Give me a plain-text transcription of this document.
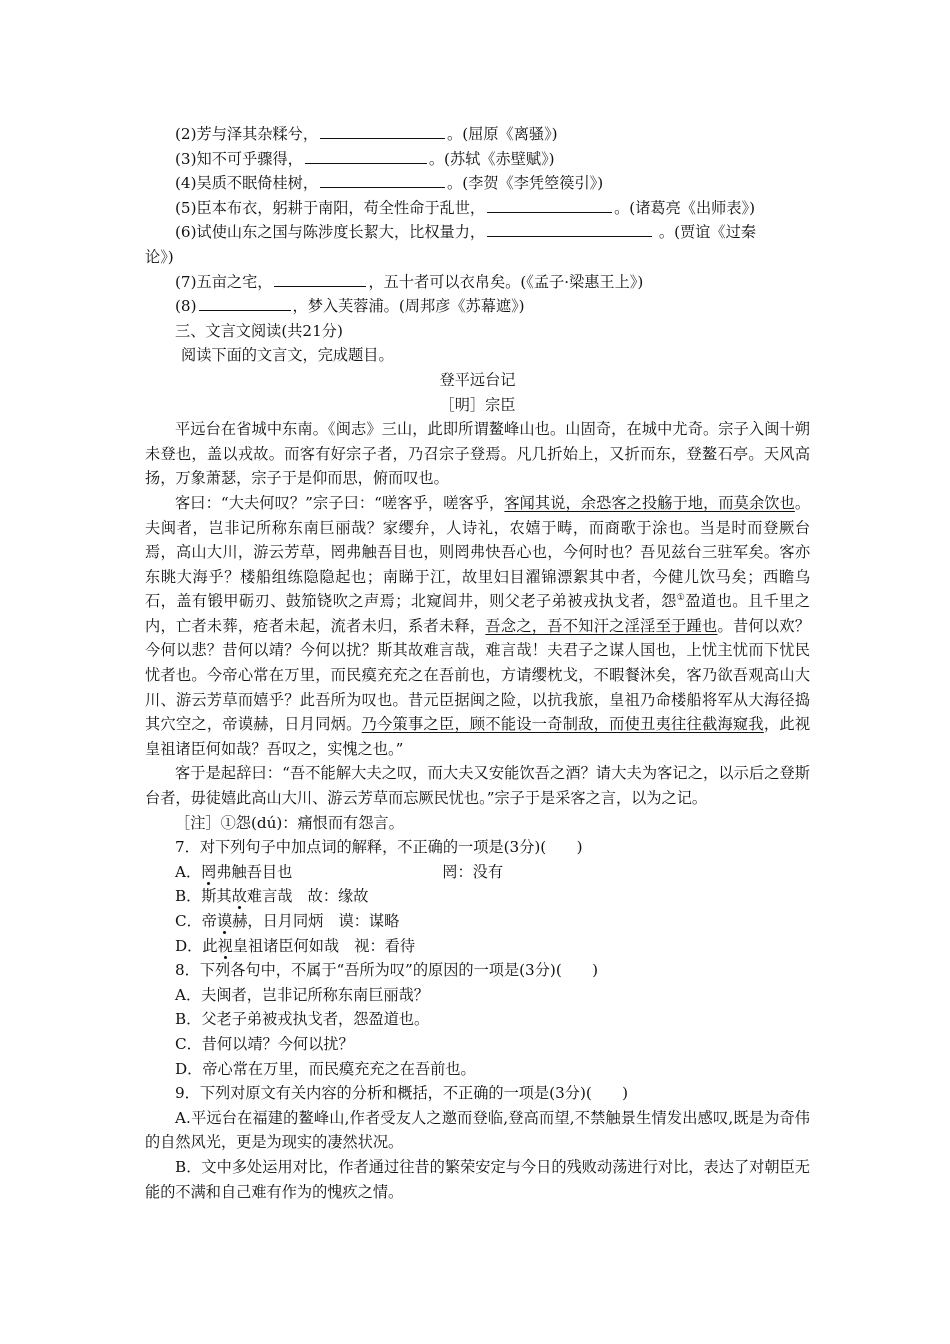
(2)芳与泽其杂糅兮，	。(屈原《离骚》)
(3)知不可乎骤得，	。(苏轼《赤壁赋》)
(4)吴质不眠倚桂树，	。(李贺《李凭箜篌引》)
(5)臣本布衣，躬耕于南阳，苟全性命于乱世，	。(诸葛亮《出师表》)
(6)试使山东之国与陈涉度长絜大，比权量力，	。(贾谊《过秦
论》)
(7)五亩之宅，	，五十者可以衣帛矣。(《孟子·梁惠王上》)
(8)	，梦入芙蓉浦。(周邦彦《苏幕遮》)
三、文言文阅读(共21分)
阅读下面的文言文，完成题目。
登平远台记
［明］宗臣
平远台在省城中东南。《闽志》三山，此即所谓鳌峰山也。山固奇，在城中尤奇。宗子入闽十朔未登也，盖以戎故。而客有好宗子者，乃召宗子登焉。凡几折始上，又折而东，登鳌石亭。天风高扬，万象萧瑟，宗子于是仰而思，俯而叹也。
客曰：“大夫何叹？”宗子曰：“嗟客乎，嗟客乎，客闻其说，余恐客之投觞于地，而莫余饮也。夫闽者，岂非记所称东南巨丽哉？家缨弁，人诗礼，农嬉于畴，而商歌于涂也。当是时而登厥台焉，高山大川，游云芳草，罔弗触吾目也，则罔弗快吾心也，今何时也？吾见兹台三驻军矣。客亦东眺大海乎？楼船组练隐隐起也；南睇于江，故里妇目濯锦漂絮其中者，今健儿饮马矣；西瞻乌石，盖有锻甲砺刃、鼓笳铙吹之声焉；北窥闾井，则父老子弟被戎执戈者，怨①盈道也。且千里之内，亡者未葬，疮者未起，流者未归，系者未释，吾念之，吾不知汗之淫淫至于踵也。昔何以欢？今何以悲？昔何以靖？今何以扰？斯其故难言哉，难言哉！夫君子之谋人国也，上忧主忧而下忧民忧者也。今帝心常在万里，而民瘼充充之在吾前也，方请缨枕戈，不暇餐沐矣，客乃欲吾观高山大川、游云芳草而嬉乎？此吾所为叹也。昔元臣据闽之险，以抗我旅，皇祖乃命楼船将军从大海径捣其穴空之，帝谟赫，日月同炳。乃今策事之臣，顾不能设一奇制敌，而使丑夷往往截海窥我，此视皇祖诸臣何如哉？吾叹之，实愧之也。”
客于是起辞曰：“吾不能解大夫之叹，而大夫又安能饮吾之酒？请大夫为客记之，以示后之登斯台者，毋徒嬉此高山大川、游云芳草而忘厥民忧也。”宗子于是采客之言，以为之记。
［注］①怨(dú)：痛恨而有怨言。
7．对下列句子中加点词的解释，不正确的一项是(3分)(　　)
A．罔弗触吾目也	罔：没有
B．斯其故难言哉　 故：缘故
C．帝谟赫，日月同炳　 谟：谋略
D．此视皇祖诸臣何如哉　 视：看待
8．下列各句中，不属于“吾所为叹”的原因的一项是(3分)(　　)
A．夫闽者，岂非记所称东南巨丽哉？
B．父老子弟被戎执戈者，怨盈道也。
C．昔何以靖？今何以扰？
D．帝心常在万里，而民瘼充充之在吾前也。
9．下列对原文有关内容的分析和概括，不正确的一项是(3分)(　　)
A.平远台在福建的鳌峰山,作者受友人之邀而登临,登高而望,不禁触景生情发出感叹,既是为奇伟的自然风光，更是为现实的凄然状况。
B．文中多处运用对比，作者通过往昔的繁荣安定与今日的残败动荡进行对比，表达了对朝臣无能的不满和自己难有作为的愧疚之情。
